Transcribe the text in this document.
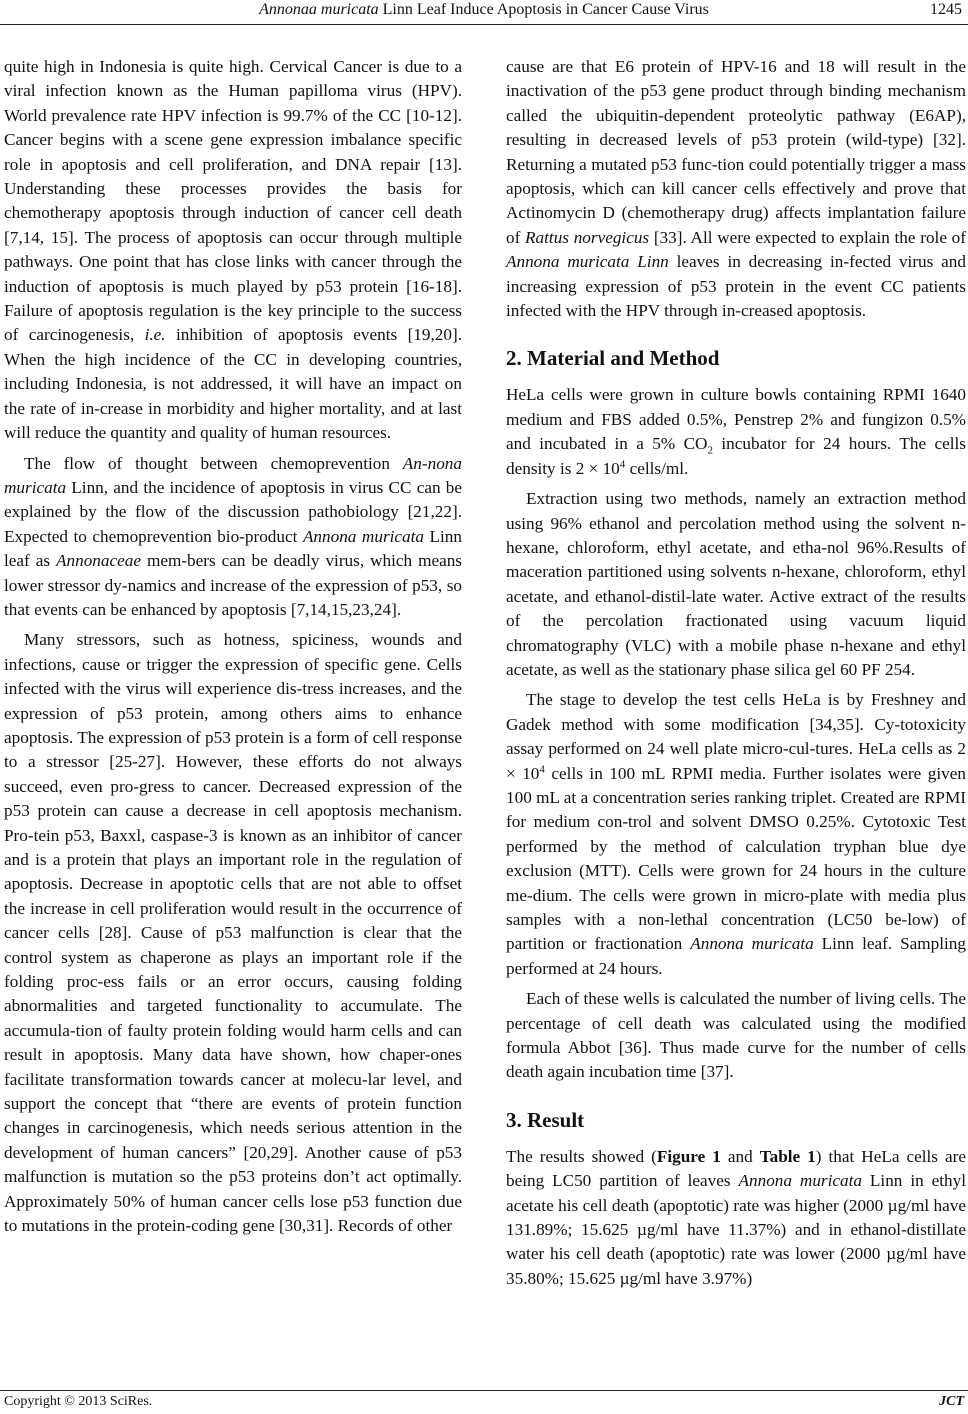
Annonaa muricata Linn Leaf Induce Apoptosis in Cancer Cause Virus	1245

quite high in Indonesia is quite high. Cervical Cancer is due to a viral infection known as the Human papilloma virus (HPV). World prevalence rate HPV infection is 99.7% of the CC [10-12]. Cancer begins with a scene gene expression imbalance specific role in apoptosis and cell proliferation, and DNA repair [13]. Understanding these processes provides the basis for chemotherapy apoptosis through induction of cancer cell death [7,14, 15]. The process of apoptosis can occur through multiple pathways. One point that has close links with cancer through the induction of apoptosis is much played by p53 protein [16-18]. Failure of apoptosis regulation is the key principle to the success of carcinogenesis, i.e. inhibition of apoptosis events [19,20]. When the high incidence of the CC in developing countries, including Indonesia, is not addressed, it will have an impact on the rate of in-crease in morbidity and higher mortality, and at last will reduce the quantity and quality of human resources.

The flow of thought between chemoprevention An-nona muricata Linn, and the incidence of apoptosis in virus CC can be explained by the flow of the discussion pathobiology [21,22]. Expected to chemoprevention bio-product Annona muricata Linn leaf as Annonaceae mem-bers can be deadly virus, which means lower stressor dy-namics and increase of the expression of p53, so that events can be enhanced by apoptosis [7,14,15,23,24].

Many stressors, such as hotness, spiciness, wounds and infections, cause or trigger the expression of specific gene. Cells infected with the virus will experience dis-tress increases, and the expression of p53 protein, among others aims to enhance apoptosis. The expression of p53 protein is a form of cell response to a stressor [25-27]. However, these efforts do not always succeed, even pro-gress to cancer. Decreased expression of the p53 protein can cause a decrease in cell apoptosis mechanism. Pro-tein p53, Baxxl, caspase-3 is known as an inhibitor of cancer and is a protein that plays an important role in the regulation of apoptosis. Decrease in apoptotic cells that are not able to offset the increase in cell proliferation would result in the occurrence of cancer cells [28]. Cause of p53 malfunction is clear that the control system as chaperone as plays an important role if the folding proc-ess fails or an error occurs, causing folding abnormalities and targeted functionality to accumulate. The accumula-tion of faulty protein folding would harm cells and can result in apoptosis. Many data have shown, how chaper-ones facilitate transformation towards cancer at molecu-lar level, and support the concept that “there are events of protein function changes in carcinogenesis, which needs serious attention in the development of human cancers” [20,29]. Another cause of p53 malfunction is mutation so the p53 proteins don’t act optimally. Approximately 50% of human cancer cells lose p53 function due to mutations in the protein-coding gene [30,31]. Records of other

cause are that E6 protein of HPV-16 and 18 will result in the inactivation of the p53 gene product through binding mechanism called the ubiquitin-dependent proteolytic pathway (E6AP), resulting in decreased levels of p53 protein (wild-type) [32]. Returning a mutated p53 func-tion could potentially trigger a mass apoptosis, which can kill cancer cells effectively and prove that Actinomycin D (chemotherapy drug) affects implantation failure of Rattus norvegicus [33]. All were expected to explain the role of Annona muricata Linn leaves in decreasing in-fected virus and increasing expression of p53 protein in the event CC patients infected with the HPV through in-creased apoptosis.

2. Material and Method

HeLa cells were grown in culture bowls containing RPMI 1640 medium and FBS added 0.5%, Penstrep 2% and fungizon 0.5% and incubated in a 5% $CO_2$ incubator for 24 hours. The cells density is $2 \times 10^4$ cells/ml.

Extraction using two methods, namely an extraction method using 96% ethanol and percolation method using the solvent n-hexane, chloroform, ethyl acetate, and etha-nol 96%.Results of maceration partitioned using solvents n-hexane, chloroform, ethyl acetate, and ethanol-distil-late water. Active extract of the results of the percolation fractionated using vacuum liquid chromatography (VLC) with a mobile phase n-hexane and ethyl acetate, as well as the stationary phase silica gel 60 PF 254.

The stage to develop the test cells HeLa is by Freshney and Gadek method with some modification [34,35]. Cy-totoxicity assay performed on 24 well plate micro-cul-tures. HeLa cells as $2 \times 10^4$ cells in 100 mL RPMI media. Further isolates were given 100 mL at a concentration series ranking triplet. Created are RPMI for medium con-trol and solvent DMSO 0.25%. Cytotoxic Test performed by the method of calculation tryphan blue dye exclusion (MTT). Cells were grown for 24 hours in the culture me-dium. The cells were grown in micro-plate with media plus samples with a non-lethal concentration (LC50 be-low) of partition or fractionation Annona muricata Linn leaf. Sampling performed at 24 hours.

Each of these wells is calculated the number of living cells. The percentage of cell death was calculated using the modified formula Abbot [36]. Thus made curve for the number of cells death again incubation time [37].

3. Result

The results showed (Figure 1 and Table 1) that HeLa cells are being LC50 partition of leaves Annona muricata Linn in ethyl acetate his cell death (apoptotic) rate was higher (2000 µg/ml have 131.89%; 15.625 µg/ml have 11.37%) and in ethanol-distillate water his cell death (apoptotic) rate was lower (2000 µg/ml have 35.80%; 15.625 µg/ml have 3.97%)

Copyright © 2013 SciRes.	JCT
